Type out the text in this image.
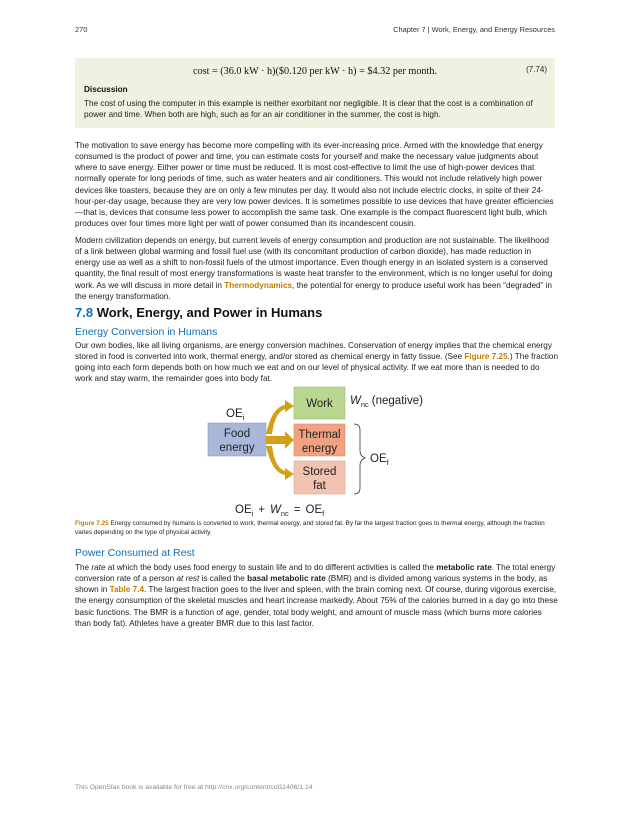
270	Chapter 7 | Work, Energy, and Energy Resources
cost = (36.0 kW · h)($0.120 per kW · h) = $4.32 per month.	(7.74)
Discussion

The cost of using the computer in this example is neither exorbitant nor negligible. It is clear that the cost is a combination of power and time. When both are high, such as for an air conditioner in the summer, the cost is high.

The motivation to save energy has become more compelling with its ever-increasing price. Armed with the knowledge that energy consumed is the product of power and time, you can estimate costs for yourself and make the necessary value judgments about where to save energy. Either power or time must be reduced. It is most cost-effective to limit the use of high-power devices that normally operate for long periods of time, such as water heaters and air conditioners. This would not include relatively high power devices like toasters, because they are on only a few minutes per day. It would also not include electric clocks, in spite of their 24-hour-per-day usage, because they are very low power devices. It is sometimes possible to use devices that have greater efficiencies—that is, devices that consume less power to accomplish the same task. One example is the compact fluorescent light bulb, which produces over four times more light per watt of power consumed than its incandescent cousin.

Modern civilization depends on energy, but current levels of energy consumption and production are not sustainable. The likelihood of a link between global warming and fossil fuel use (with its concomitant production of carbon dioxide), has made reduction in energy use as well as a shift to non-fossil fuels of the utmost importance. Even though energy in an isolated system is a conserved quantity, the final result of most energy transformations is waste heat transfer to the environment, which is no longer useful for doing work. As we will discuss in more detail in Thermodynamics, the potential for energy to produce useful work has been “degraded” in the energy transformation.

7.8 Work, Energy, and Power in Humans
Energy Conversion in Humans

Our own bodies, like all living organisms, are energy conversion machines. Conservation of energy implies that the chemical energy stored in food is converted into work, thermal energy, and/or stored as chemical energy in fatty tissue. (See Figure 7.25.) The fraction going into each form depends both on how much we eat and on our level of physical activity. If we eat more than is needed to do work and stay warm, the remainder goes into body fat.

Food
energy
Work
Thermal
energy
Stored
fat
$OE_i$
$OE_f$
$W_{nc}$ (negative)
$OE_i + W_{nc} = OE_f$
Figure 7.25 Energy consumed by humans is converted to work, thermal energy, and stored fat. By far the largest fraction goes to thermal energy, although the fraction varies depending on the type of physical activity.
Power Consumed at Rest

The rate at which the body uses food energy to sustain life and to do different activities is called the metabolic rate. The total energy conversion rate of a person at rest is called the basal metabolic rate (BMR) and is divided among various systems in the body, as shown in Table 7.4. The largest fraction goes to the liver and spleen, with the brain coming next. Of course, during vigorous exercise, the energy consumption of the skeletal muscles and heart increase markedly. About 75% of the calories burned in a day go into these basic functions. The BMR is a function of age, gender, total body weight, and amount of muscle mass (which burns more calories than body fat). Athletes have a greater BMR due to this last factor.

This OpenStax book is available for free at http://cnx.org/content/col11406/1.14
